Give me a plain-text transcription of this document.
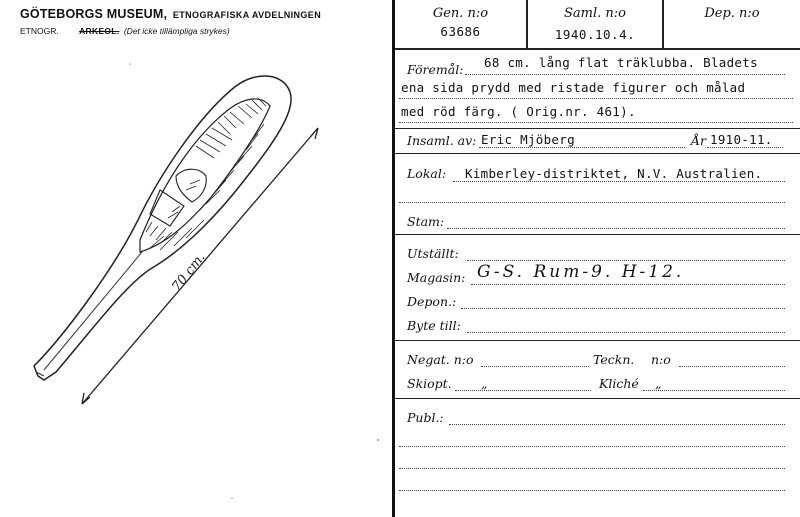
GÖTEBORGS MUSEUM, ETNOGRAFISKA AVDELNINGEN
ETNOGR. ARKEOL. (Det icke tillämpliga strykes)
70 cm.
Gen. n:o
63686
Saml. n:o
1940.10.4.
Dep. n:o
Föremål: 68 cm. lång flat träklubba. Bladets
ena sida prydd med ristade figurer och målad
med röd färg. ( Orig.nr. 461).
Insaml. av: Eric Mjöberg	År 1910-11.
Lokal: Kimberley-distriktet, N.V. Australien.
Stam:
Utställt:
Magasin: G-S. Rum-9. H-12.
Depon.:
Byte till:
Negat. n:o	Teckn. n:o
Skiopt. „	Kliché „
Publ.:
